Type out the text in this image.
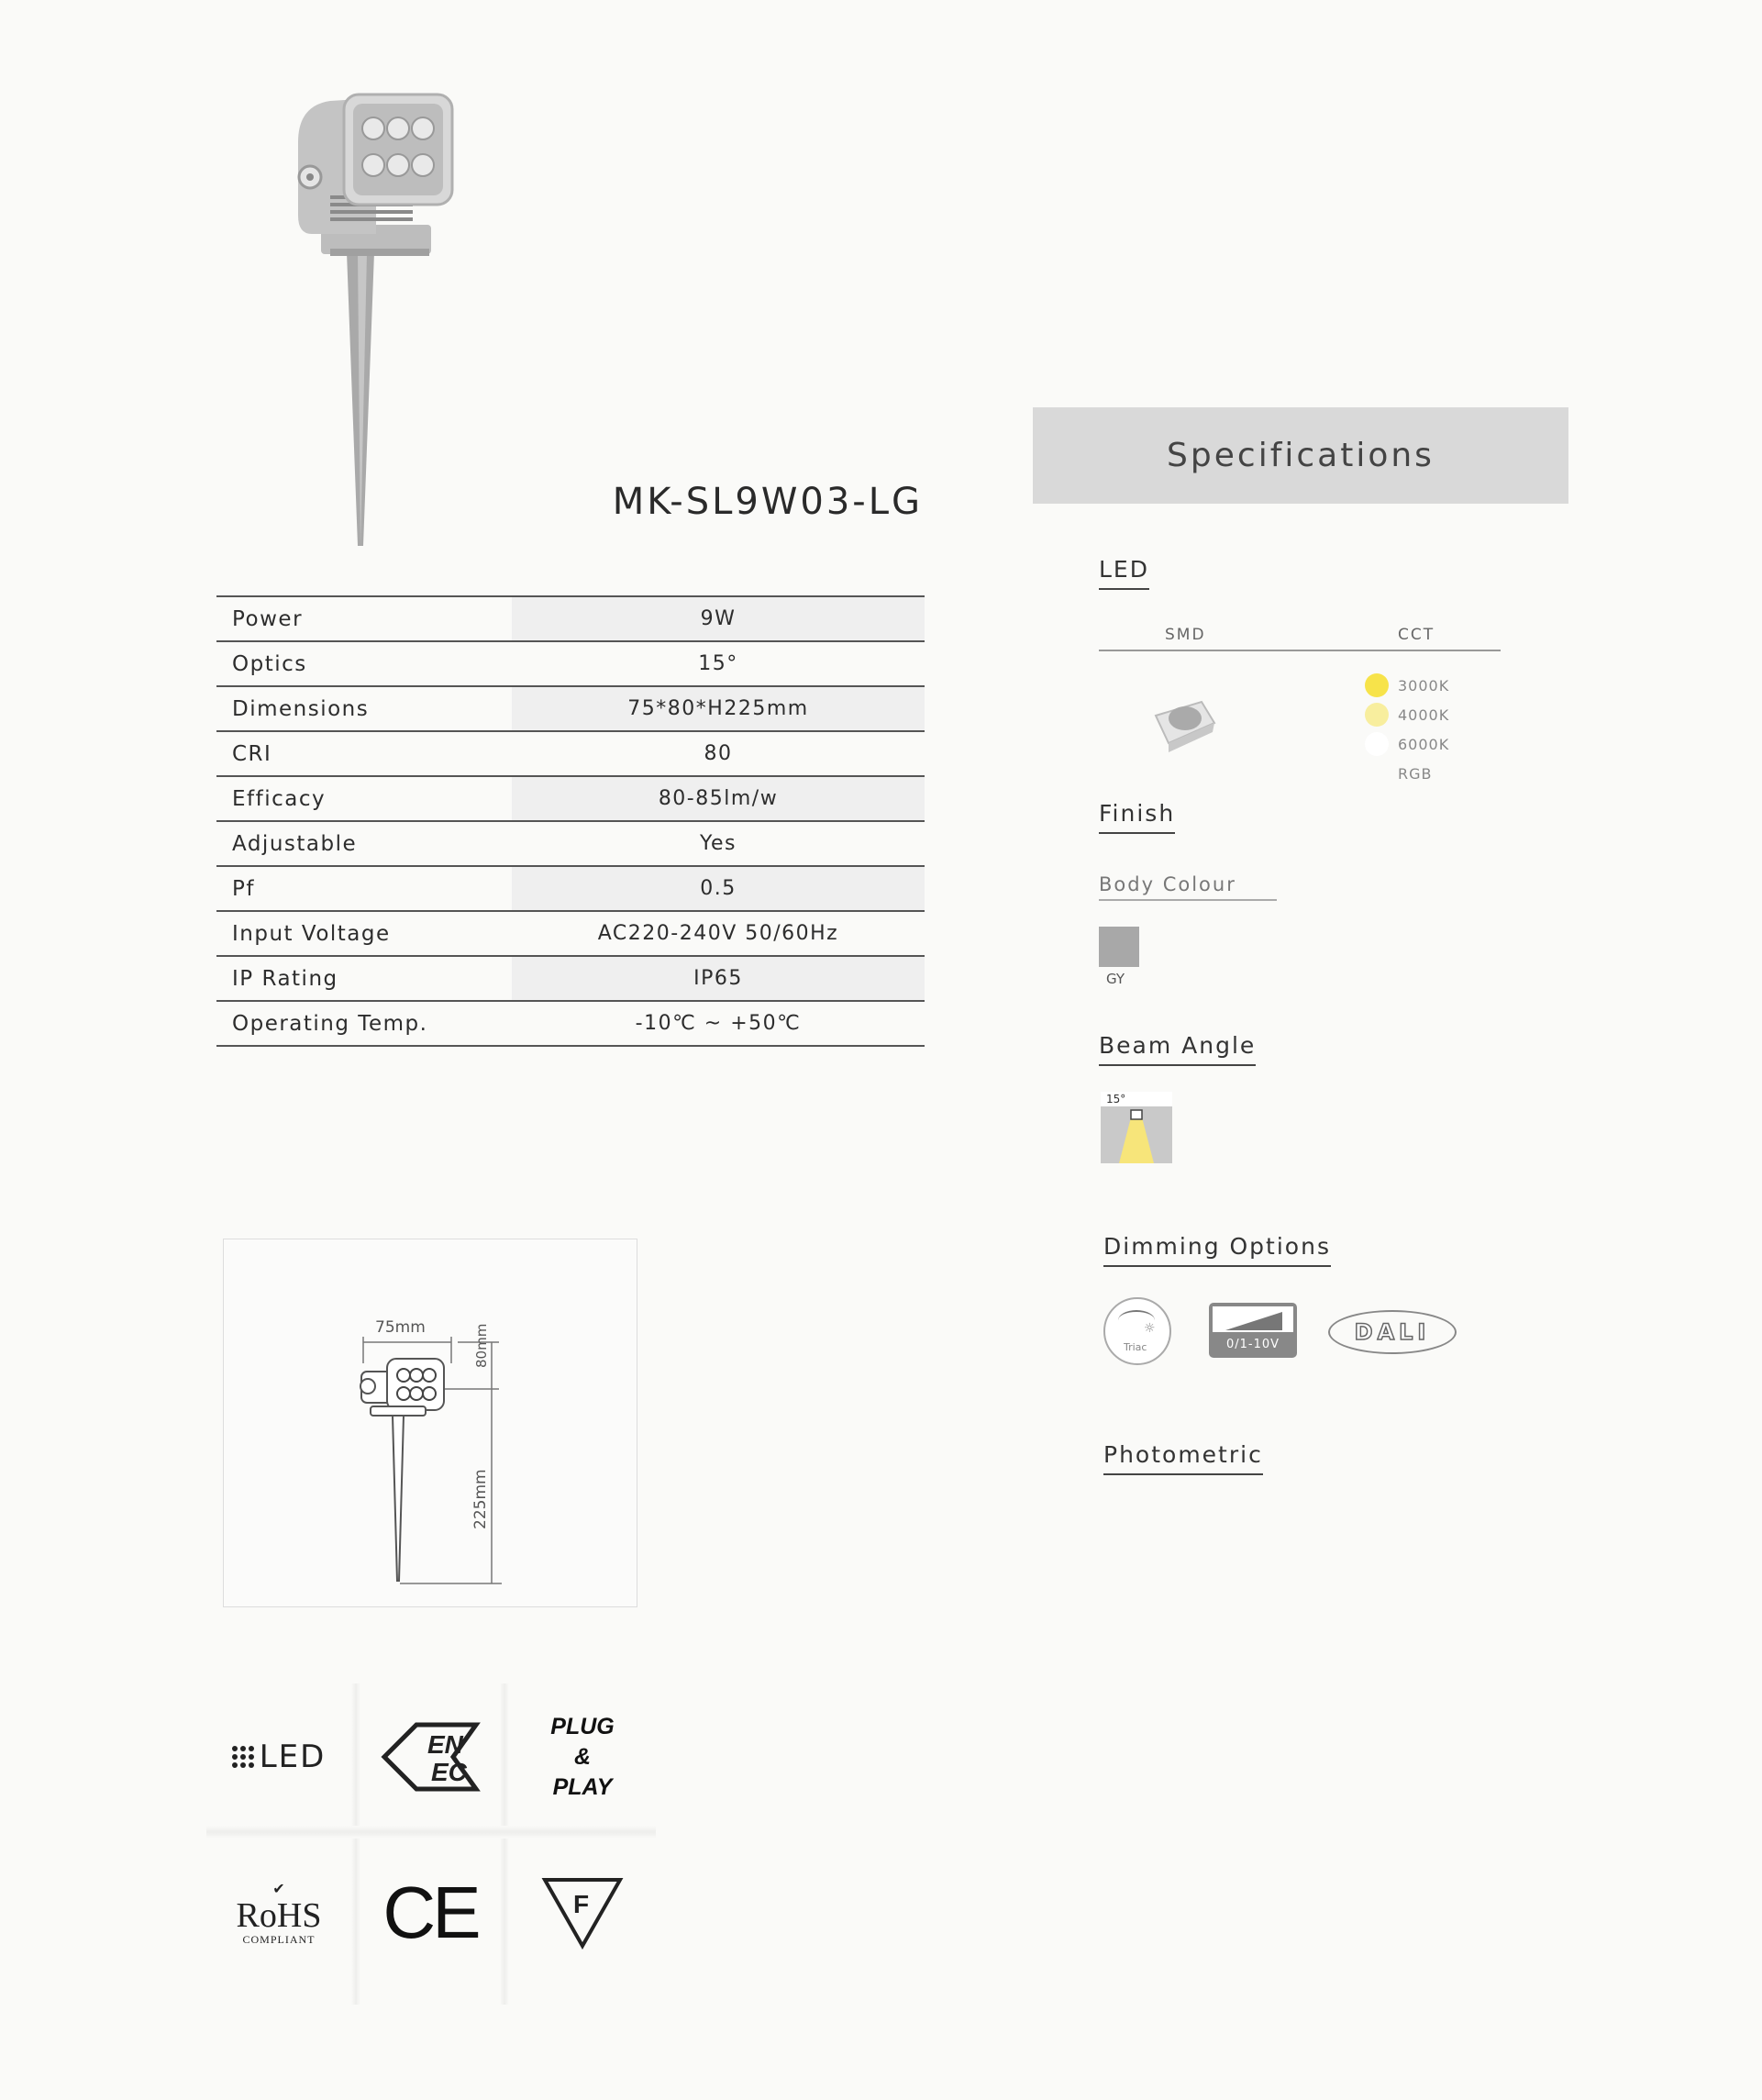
MK-SL9W03-LG
Power	9W
Optics	15°
Dimensions	75*80*H225mm
CRI	80
Efficacy	80-85lm/w
Adjustable	Yes
Pf	0.5
Input Voltage	AC220-240V 50/60Hz
IP Rating	IP65
Operating Temp.	-10℃ ~ +50℃
75mm	80mm
225mm
LED	EN
EC
PLUG
&
PLAY
✔
RoHS
COMPLIANT CE	F
Specifications
LED
SMD	CCT
3000K
4000K
6000K
RGB
Finish
Body Colour
GY
Beam Angle
15°
Dimming Options
☼
Triac	0/1-10V	DALI
Photometric
